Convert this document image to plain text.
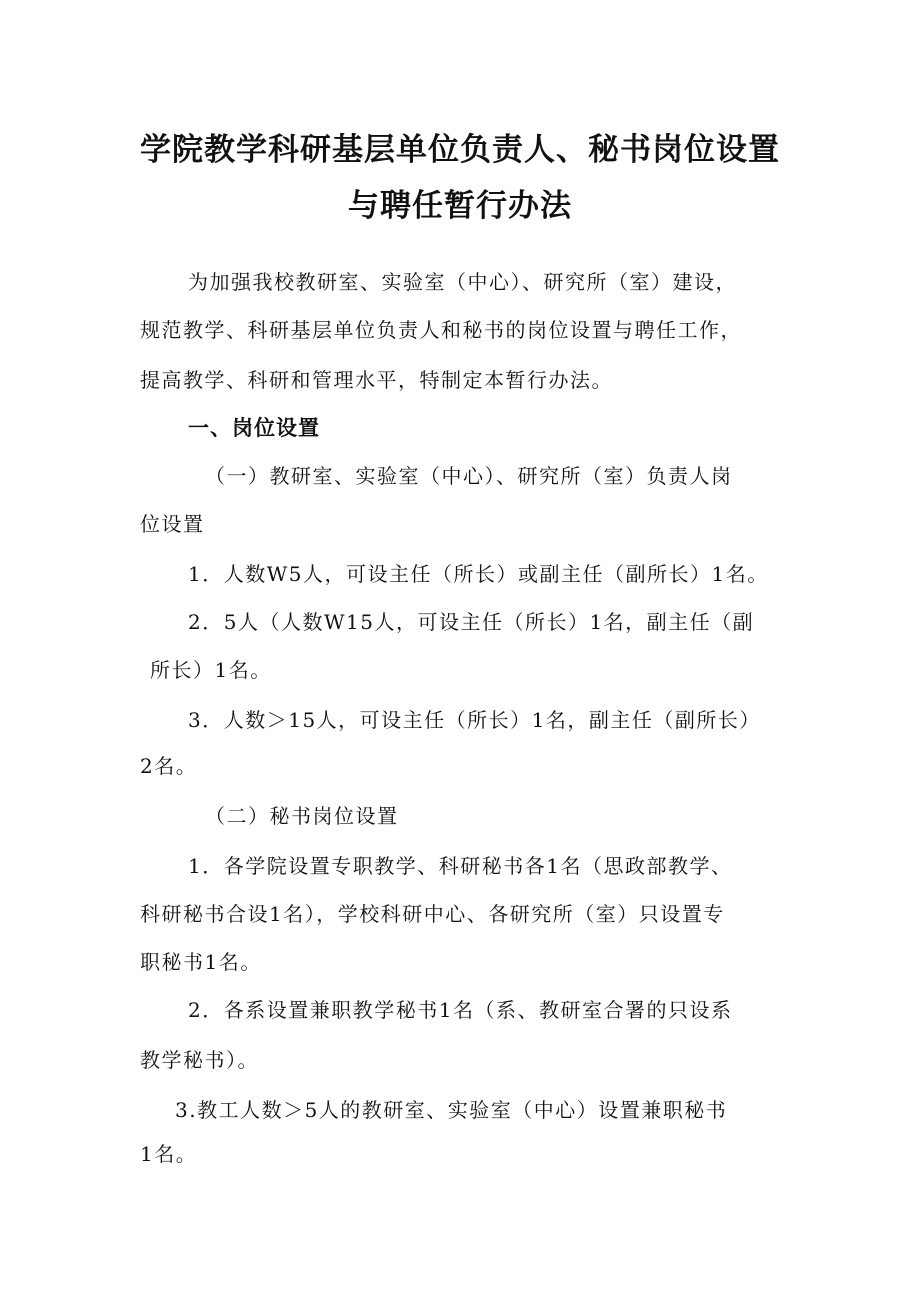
学院教学科研基层单位负责人、秘书岗位设置
与聘任暂行办法

为加强我校教研室、实验室（中心）、研究所（室）建设，

规范教学、科研基层单位负责人和秘书的岗位设置与聘任工作，

提高教学、科研和管理水平，特制定本暂行办法。

一、岗位设置

（一）教研室、实验室（中心）、研究所（室）负责人岗

位设置

1．人数W5人，可设主任（所长）或副主任（副所长）1名。

2．5人（人数W15人，可设主任（所长）1名，副主任（副

所长）1名。

3．人数＞15人，可设主任（所长）1名，副主任（副所长）

2名。

（二）秘书岗位设置

1．各学院设置专职教学、科研秘书各1名（思政部教学、

科研秘书合设1名），学校科研中心、各研究所（室）只设置专

职秘书1名。

2．各系设置兼职教学秘书1名（系、教研室合署的只设系

教学秘书）。

3.教工人数＞5人的教研室、实验室（中心）设置兼职秘书

1名。
